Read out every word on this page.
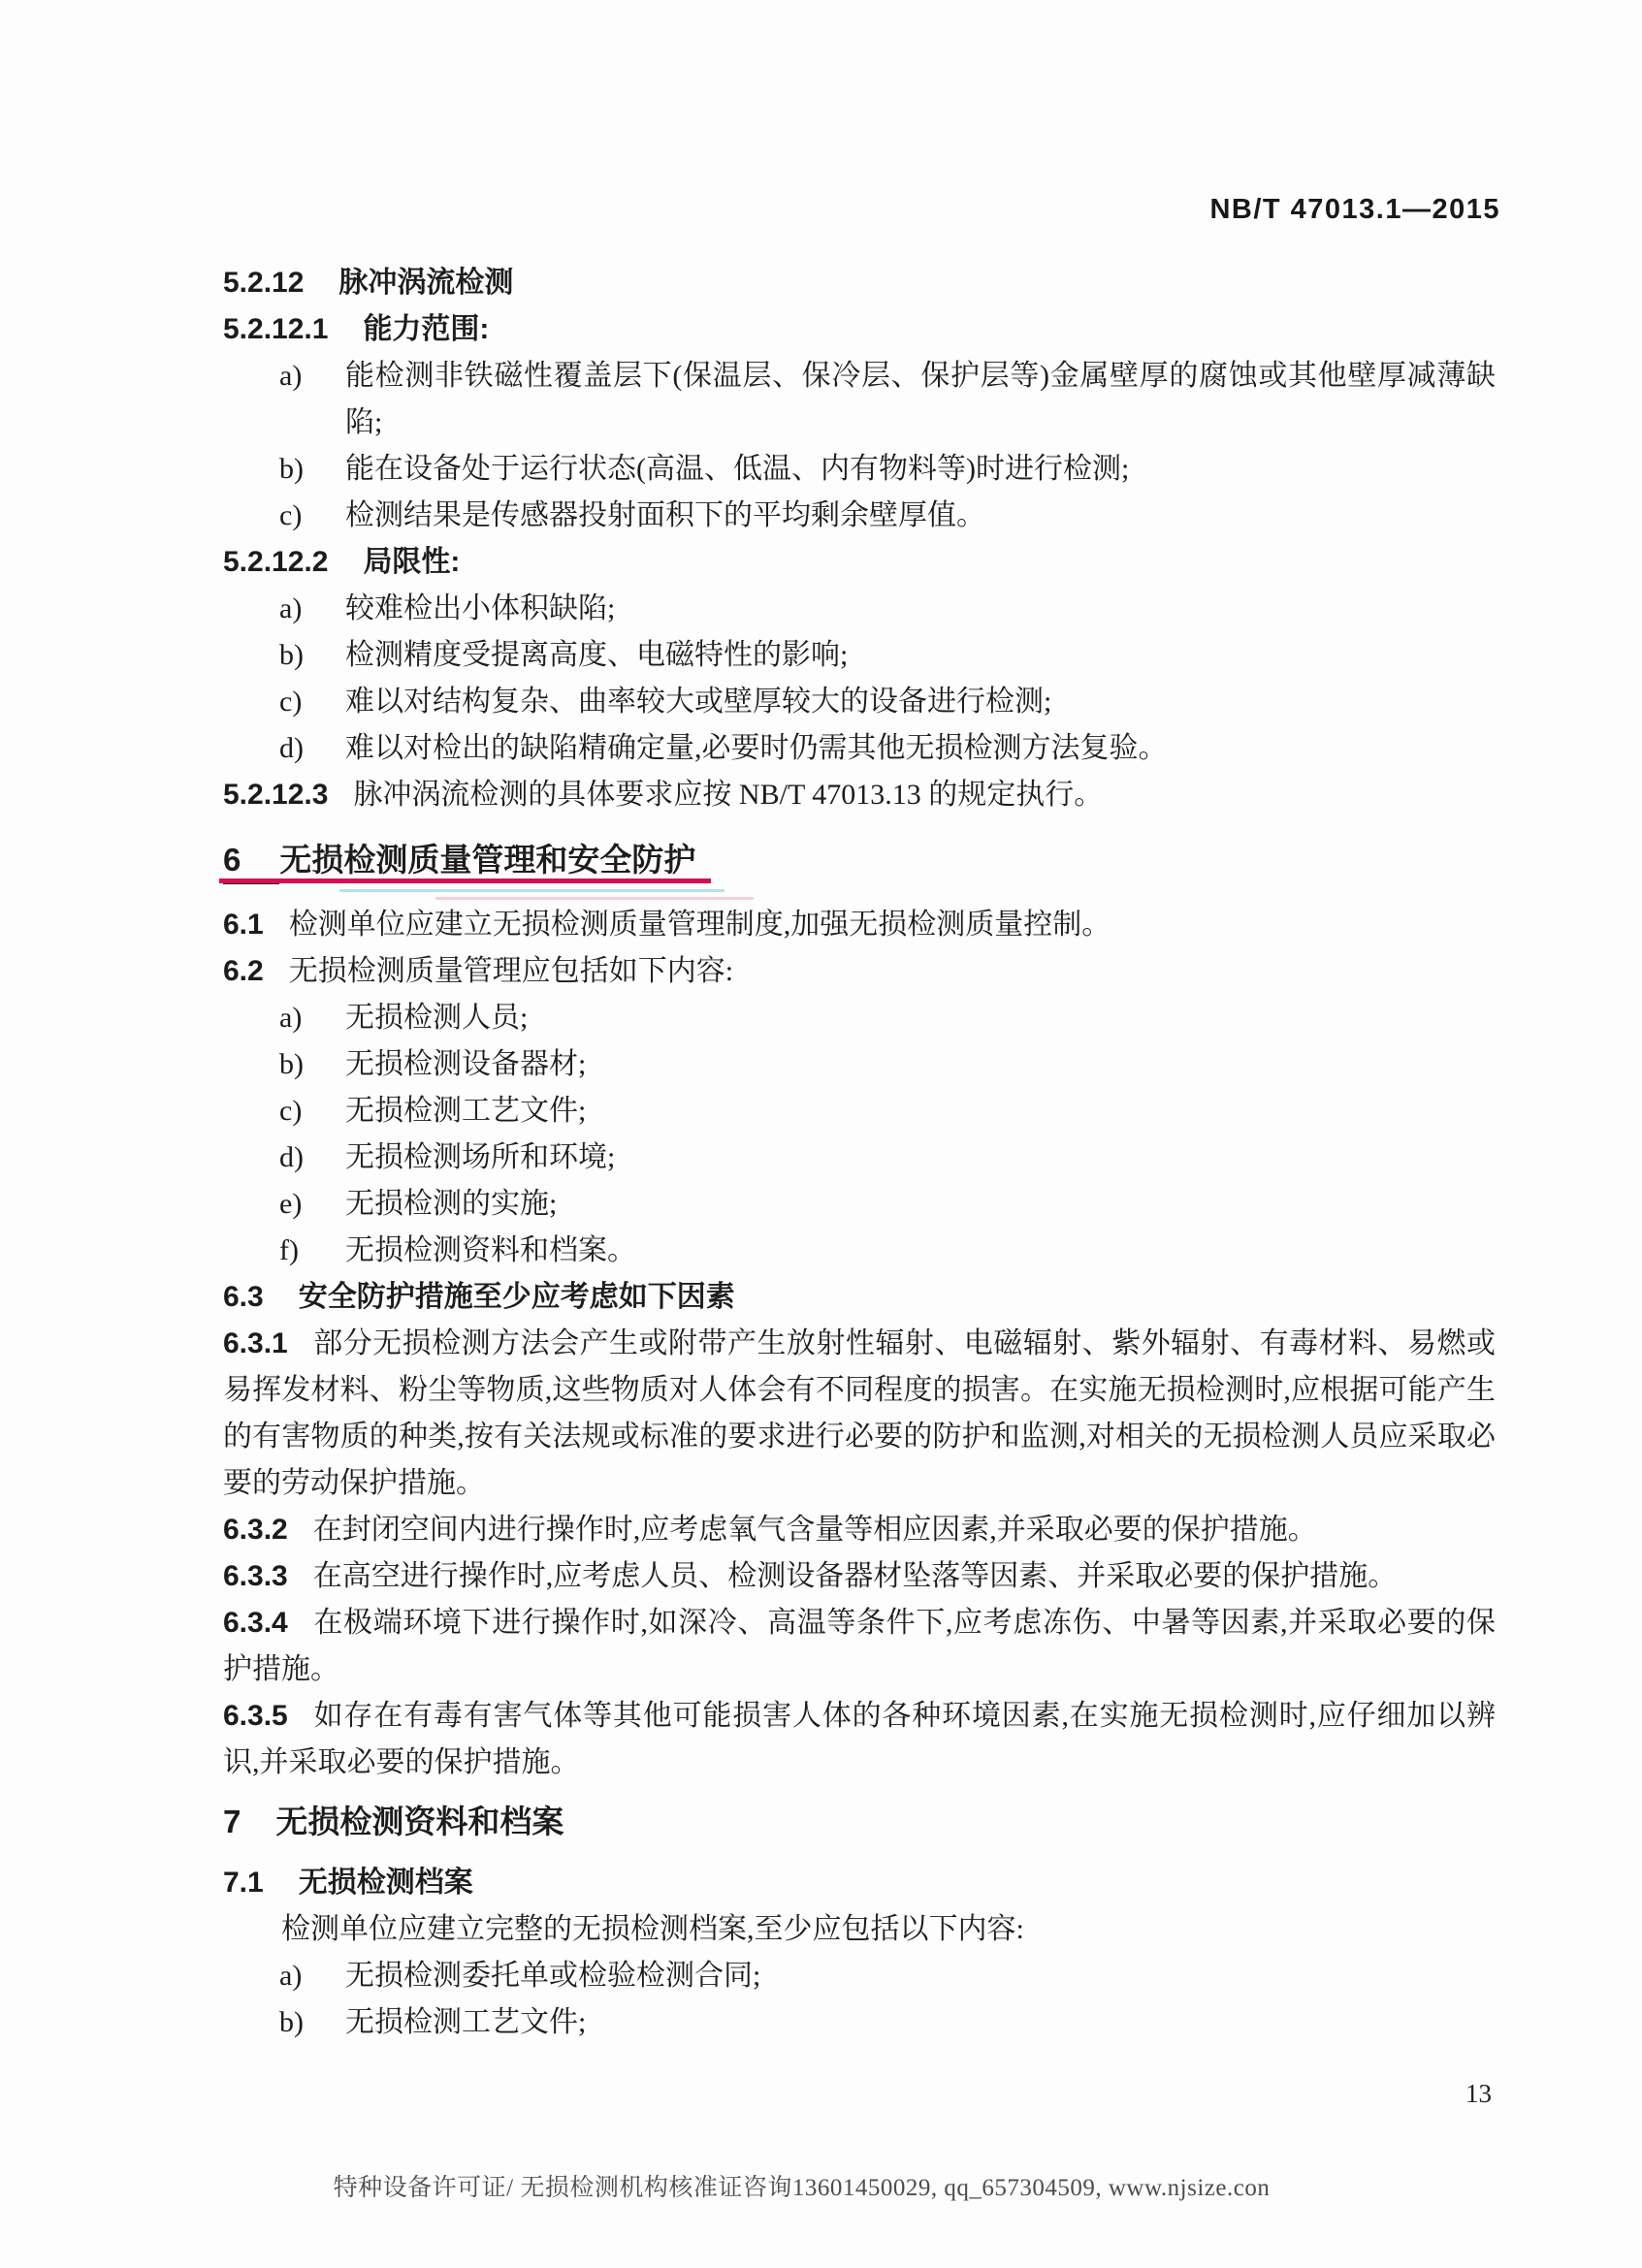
NB/T 47013.1—2015
5.2.12 脉冲涡流检测
5.2.12.1 能力范围:
a) 能检测非铁磁性覆盖层下(保温层、保冷层、保护层等)金属壁厚的腐蚀或其他壁厚减薄缺陷;
b) 能在设备处于运行状态(高温、低温、内有物料等)时进行检测;
c) 检测结果是传感器投射面积下的平均剩余壁厚值。
5.2.12.2 局限性:
a) 较难检出小体积缺陷;
b) 检测精度受提离高度、电磁特性的影响;
c) 难以对结构复杂、曲率较大或壁厚较大的设备进行检测;
d) 难以对检出的缺陷精确定量,必要时仍需其他无损检测方法复验。
5.2.12.3 脉冲涡流检测的具体要求应按 NB/T 47013.13 的规定执行。
6 无损检测质量管理和安全防护
6.1 检测单位应建立无损检测质量管理制度,加强无损检测质量控制。
6.2 无损检测质量管理应包括如下内容:
a) 无损检测人员;
b) 无损检测设备器材;
c) 无损检测工艺文件;
d) 无损检测场所和环境;
e) 无损检测的实施;
f) 无损检测资料和档案。
6.3 安全防护措施至少应考虑如下因素
6.3.1 部分无损检测方法会产生或附带产生放射性辐射、电磁辐射、紫外辐射、有毒材料、易燃或易挥发材料、粉尘等物质,这些物质对人体会有不同程度的损害。在实施无损检测时,应根据可能产生的有害物质的种类,按有关法规或标准的要求进行必要的防护和监测,对相关的无损检测人员应采取必要的劳动保护措施。
6.3.2 在封闭空间内进行操作时,应考虑氧气含量等相应因素,并采取必要的保护措施。
6.3.3 在高空进行操作时,应考虑人员、检测设备器材坠落等因素、并采取必要的保护措施。
6.3.4 在极端环境下进行操作时,如深冷、高温等条件下,应考虑冻伤、中暑等因素,并采取必要的保护措施。
6.3.5 如存在有毒有害气体等其他可能损害人体的各种环境因素,在实施无损检测时,应仔细加以辨识,并采取必要的保护措施。
7 无损检测资料和档案
7.1 无损检测档案
检测单位应建立完整的无损检测档案,至少应包括以下内容:
a) 无损检测委托单或检验检测合同;
b) 无损检测工艺文件;
13
特种设备许可证/ 无损检测机构核准证咨询13601450029, qq_657304509, www.njsize.con
